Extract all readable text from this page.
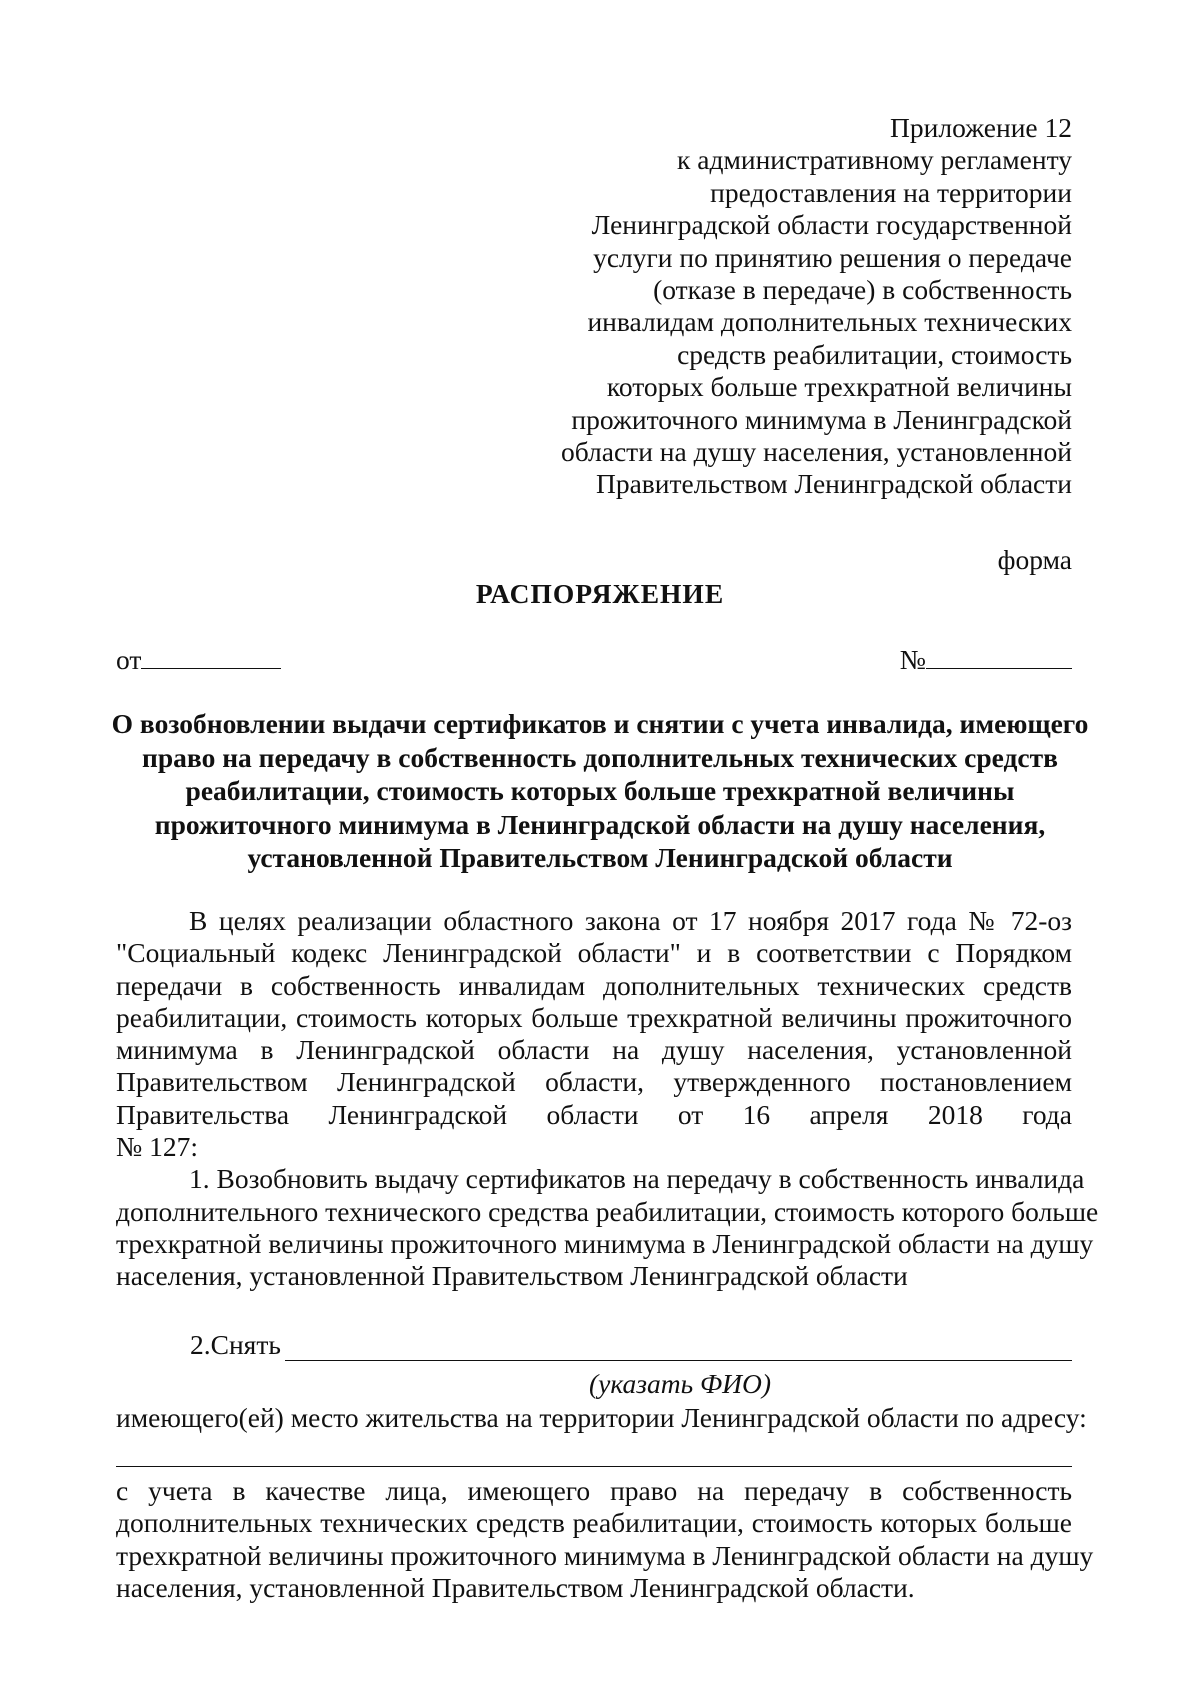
Приложение 12
к административному регламенту
предоставления на территории
Ленинградской области государственной
услуги по принятию решения о передаче
(отказе в передаче) в собственность
инвалидам дополнительных технических
средств реабилитации, стоимость
которых больше трехкратной величины
прожиточного минимума в Ленинградской
области на душу населения, установленной
Правительством Ленинградской области
форма
РАСПОРЯЖЕНИЕ
от	№
О возобновлении выдачи сертификатов и снятии с учета инвалида, имеющего
право на передачу в собственность дополнительных технических средств
реабилитации, стоимость которых больше трехкратной величины
прожиточного минимума в Ленинградской области на душу населения,
установленной Правительством Ленинградской области
В целях реализации областного закона от 17 ноября 2017 года № 72-оз
"Социальный кодекс Ленинградской области" и в соответствии с Порядком
передачи в собственность инвалидам дополнительных технических средств
реабилитации, стоимость которых больше трехкратной величины прожиточного
минимума в Ленинградской области на душу населения, установленной
Правительством Ленинградской области, утвержденного постановлением
Правительства Ленинградской области от 16 апреля 2018 года
№ 127:
1. Возобновить выдачу сертификатов на передачу в собственность инвалида
дополнительного технического средства реабилитации, стоимость которого больше
трехкратной величины прожиточного минимума в Ленинградской области на душу
населения, установленной Правительством Ленинградской области
2.Снять
(указать ФИО)
имеющего(ей) место жительства на территории Ленинградской области по адресу:
с учета в качестве лица, имеющего право на передачу в собственность
дополнительных технических средств реабилитации, стоимость которых больше
трехкратной величины прожиточного минимума в Ленинградской области на душу
населения, установленной Правительством Ленинградской области.
